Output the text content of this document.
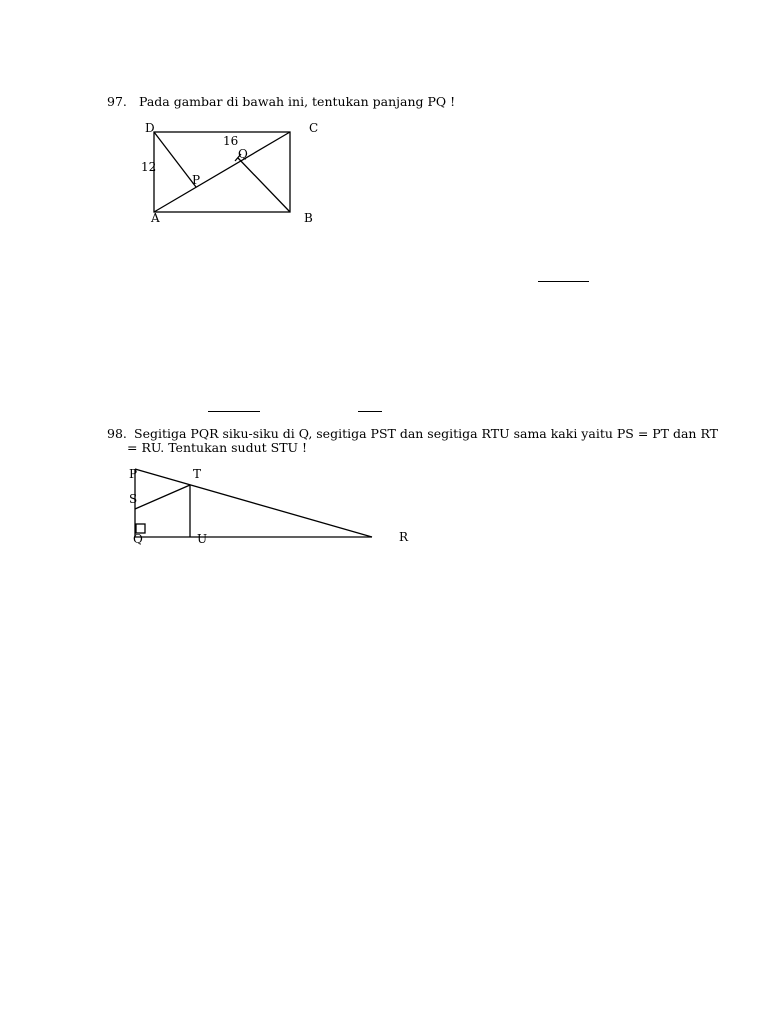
97. Pada gambar di bawah ini, tentukan panjang PQ !
98. Segitiga PQR siku-siku di Q, segitiga PST dan segitiga RTU sama kaki yaitu PS = PT dan RT
= RU. Tentukan sudut STU !
D	C
A	B
16
12
Q
P
P	T
S
Q	U	R
